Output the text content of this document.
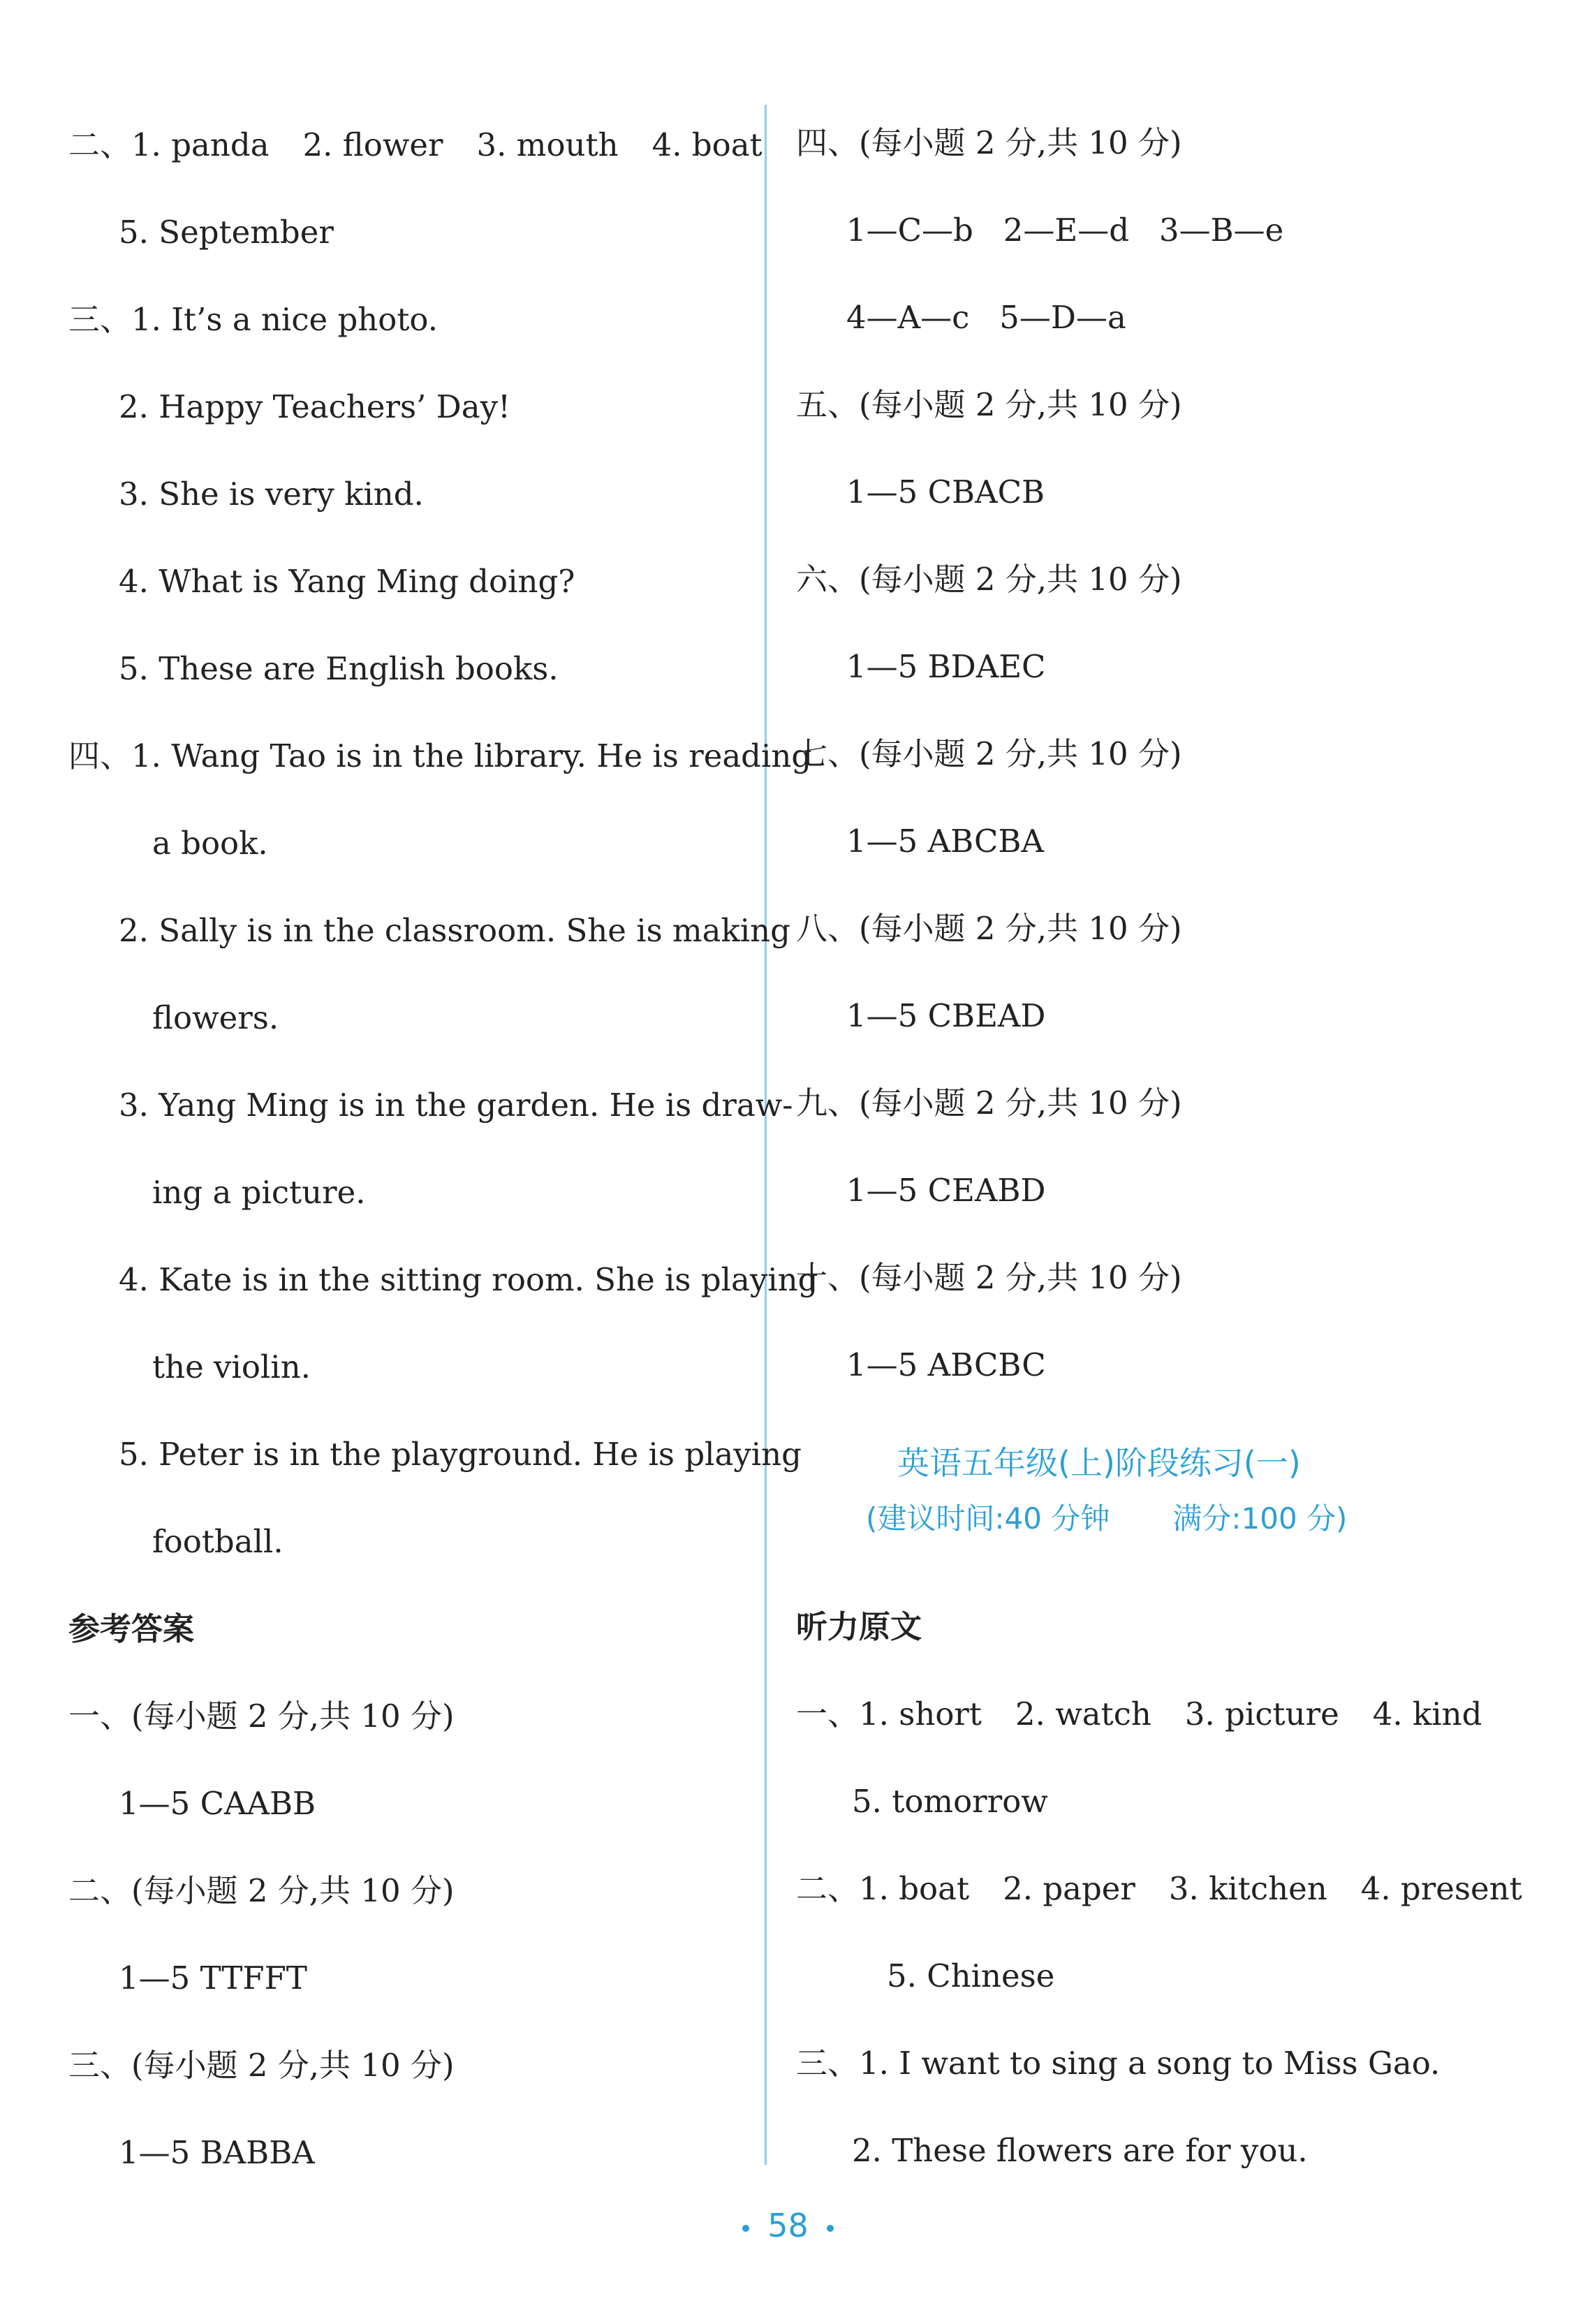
二、1. panda 2. flower 3. mouth 4. boat
5. September
三、1. It’s a nice photo.
2. Happy Teachers’ Day!
3. She is very kind.
4. What is Yang Ming doing?
5. These are English books.
四、1. Wang Tao is in the library. He is reading
a book.
2. Sally is in the classroom. She is making
flowers.
3. Yang Ming is in the garden. He is draw-
ing a picture.
4. Kate is in the sitting room. She is playing
the violin.
5. Peter is in the playground. He is playing
football.
参考答案
一、(每小题 2 分,共 10 分)
1—5 CAABB
二、(每小题 2 分,共 10 分)
1—5 TTFFT
三、(每小题 2 分,共 10 分)
1—5 BABBA
四、(每小题 2 分,共 10 分)
1—C—b   2—E—d   3—B—e
4—A—c   5—D—a
五、(每小题 2 分,共 10 分)
1—5 CBACB
六、(每小题 2 分,共 10 分)
1—5 BDAEC
七、(每小题 2 分,共 10 分)
1—5 ABCBA
八、(每小题 2 分,共 10 分)
1—5 CBEAD
九、(每小题 2 分,共 10 分)
1—5 CEABD
十、(每小题 2 分,共 10 分)
1—5 ABCBC
英语五年级(上)阶段练习(一)
(建议时间:40 分钟 满分:100 分)
听力原文
一、1. short 2. watch 3. picture 4. kind
5. tomorrow
二、1. boat 2. paper 3. kitchen 4. present
5. Chinese
三、1. I want to sing a song to Miss Gao.
2. These flowers are for you.
58
